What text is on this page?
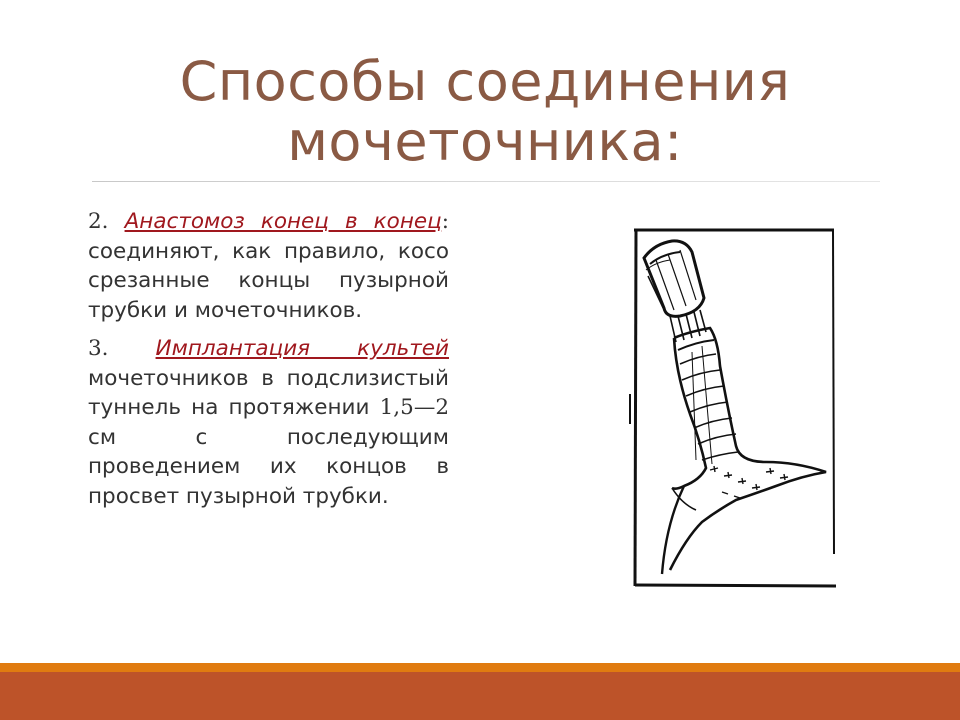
Способы соединения
мочеточника:

2. Анастомоз конец в конец: соединяют, как правило, косо срезанные концы пузырной трубки и мочеточников.

3. Имплантация культей мочеточников в подслизистый туннель на протяжении 1,5—2 см с последующим проведением их концов в просвет пузырной трубки.
